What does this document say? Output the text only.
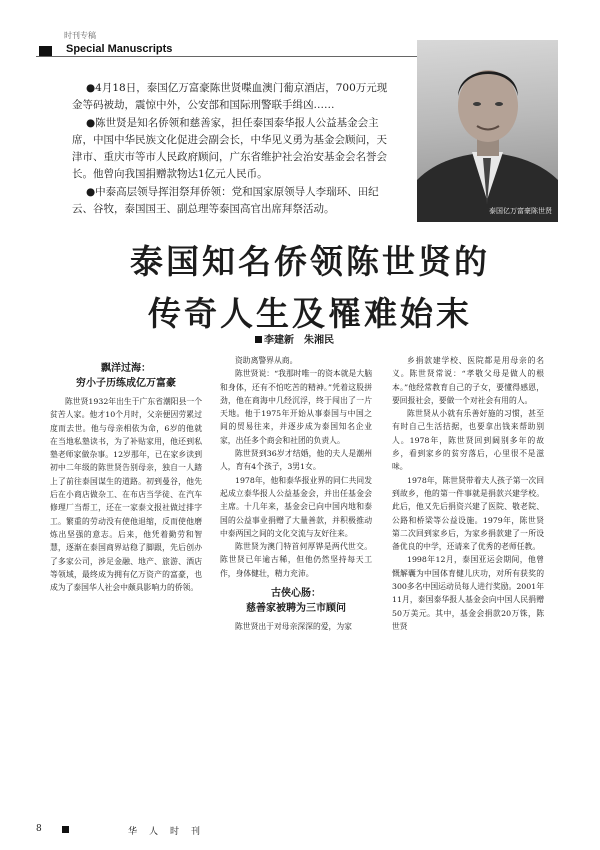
时刊专稿
Special Manuscripts

●4月18日，泰国亿万富豪陈世贤喋血澳门葡京酒店，700万元现金等码被劫，震惊中外，公安部和国际刑警联手缉凶……

●陈世贤是知名侨领和慈善家，担任泰国泰华报人公益基金会主席，中国中华民族文化促进会副会长，中华见义勇为基金会顾问，天津市、重庆市等市人民政府顾问，广东省维护社会治安基金会名誉会长。他曾向我国捐赠款物达1亿元人民币。

●中泰高层领导挥泪祭拜侨领：党和国家原领导人李瑞环、田纪云、谷牧，泰国国王、副总理等泰国高官出席拜祭活动。	泰国亿万富豪陈世贤
泰国知名侨领陈世贤的
传奇人生及罹难始末
李建新　朱湘民
飘洋过海：
穷小子历练成亿万富豪

陈世贤1932年出生于广东省潮阳县一个贫苦人家。他才10个月时，父亲便因劳累过度而去世。他与母亲相依为命，6岁的他就在当地私塾读书，为了补贴家用，他还到私塾老师家做杂事。12岁那年，已在家乡读到初中二年级的陈世贤告别母亲，独自一人踏上了前往泰国谋生的道路。初到曼谷，他先后在小商店做杂工、在布店当学徒、在汽车修理厂当帮工，还在一家泰文报社做过排字工。繁重的劳动没有使他退缩，反而使他磨炼出坚强的意志。后来，他凭着勤劳和智慧，逐渐在泰国商界站稳了脚跟，先后创办了多家公司，涉足金融、地产、旅游、酒店等领域，最终成为拥有亿万资产的富豪，也成为了泰国华人社会中颇具影响力的侨领。

资助离警界从商。

陈世贤说：“我那时唯一的资本就是大脑和身体，还有不怕吃苦的精神。”凭着这股拼劲，他在商海中几经沉浮，终于闯出了一片天地。他于1975年开始从事泰国与中国之间的贸易往来，并逐步成为泰国知名企业家，出任多个商会和社团的负责人。

陈世贤到36岁才结婚，他的夫人是潮州人，育有4个孩子，3男1女。

1978年，他和泰华报业界的同仁共同发起成立泰华报人公益基金会，并出任基金会主席。十几年来，基金会已向中国内地和泰国的公益事业捐赠了大量善款，并积极推动中泰两国之间的文化交流与友好往来。

陈世贤为澳门特首何厚铧是两代世交。陈世贤已年逾古稀，但他仍然坚持每天工作，身体健壮，精力充沛。

古侠心肠：
慈善家被聘为三市顾问

陈世贤出于对母亲深深的爱，为家

乡捐款建学校、医院都是用母亲的名义。陈世贤常说：“孝敬父母是做人的根本。”他经常教育自己的子女，要懂得感恩，要回报社会，要做一个对社会有用的人。

陈世贤从小就有乐善好施的习惯，甚至有时自己生活拮据，也要拿出钱来帮助别人。1978年，陈世贤回到阔别多年的故乡，看到家乡的贫穷落后，心里很不是滋味。

1978年，陈世贤带着夫人孩子第一次回到故乡，他的第一件事就是捐款兴建学校。此后，他又先后捐资兴建了医院、敬老院、公路和桥梁等公益设施。1979年，陈世贤第二次回到家乡后，为家乡捐款建了一所设备优良的中学，还请来了优秀的老师任教。

1998年12月，泰国亚运会期间，他曾慨解囊为中国体育健儿庆功，对所有获奖的300多名中国运动员每人进行奖励。2001年11月，泰国泰华报人基金会向中国人民捐赠50万美元。其中，基金会捐款20万铢，陈世贤

8	华人时刊
